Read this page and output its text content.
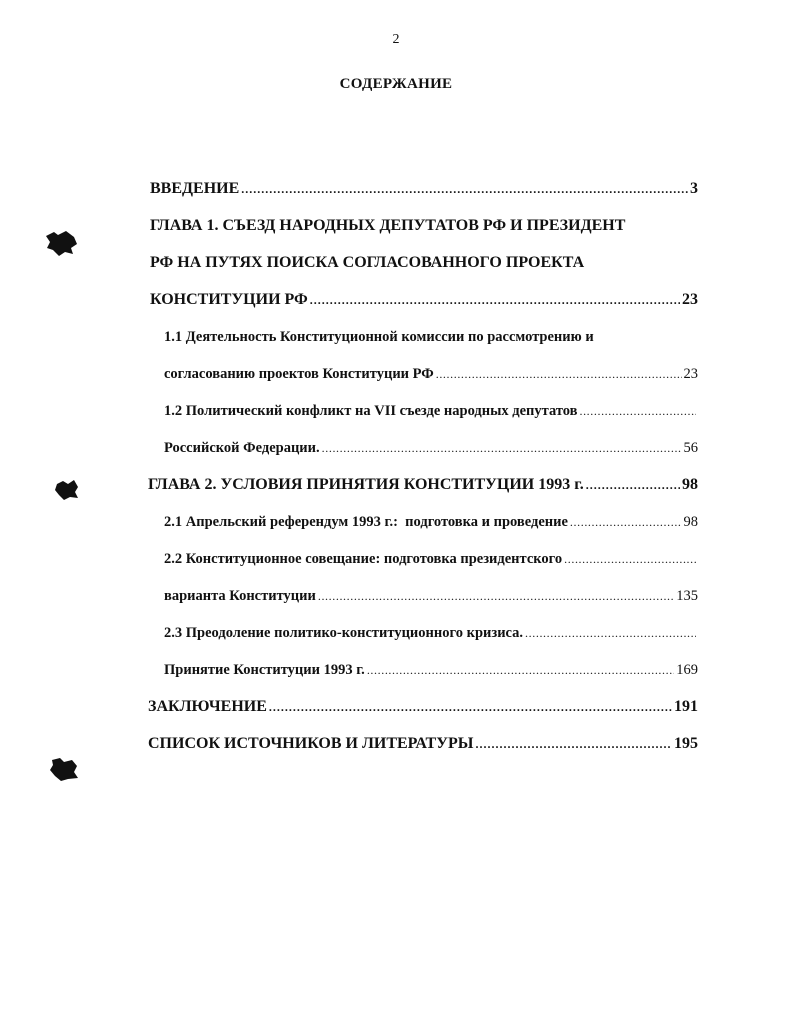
2
СОДЕРЖАНИЕ
ВВЕДЕНИЕ . . .	3
ГЛАВА 1. СЪЕЗД НАРОДНЫХ ДЕПУТАТОВ РФ И ПРЕЗИДЕНТ
РФ НА ПУТЯХ ПОИСКА СОГЛАСОВАННОГО ПРОЕКТА
КОНСТИТУЦИИ РФ . . .	23
1.1 Деятельность Конституционной комиссии по рассмотрению и
согласованию проектов Конституции РФ . . .	23
1.2 Политический конфликт на VII съезде народных депутатов
. . .
Российской Федерации. . . .	56
ГЛАВА 2. УСЛОВИЯ ПРИНЯТИЯ КОНСТИТУЦИИ 1993 г. . . .	98
2.1 Апрельский референдум 1993 г.:  подготовка и проведение . . .	98
2.2 Конституционное совещание: подготовка президентского
. . .
варианта Конституции . . .	135
2.3 Преодоление политико-конституционного кризиса.
. . .
Принятие Конституции 1993 г. . . .	169
ЗАКЛЮЧЕНИЕ . . .	191
СПИСОК ИСТОЧНИКОВ И ЛИТЕРАТУРЫ . . .	195
